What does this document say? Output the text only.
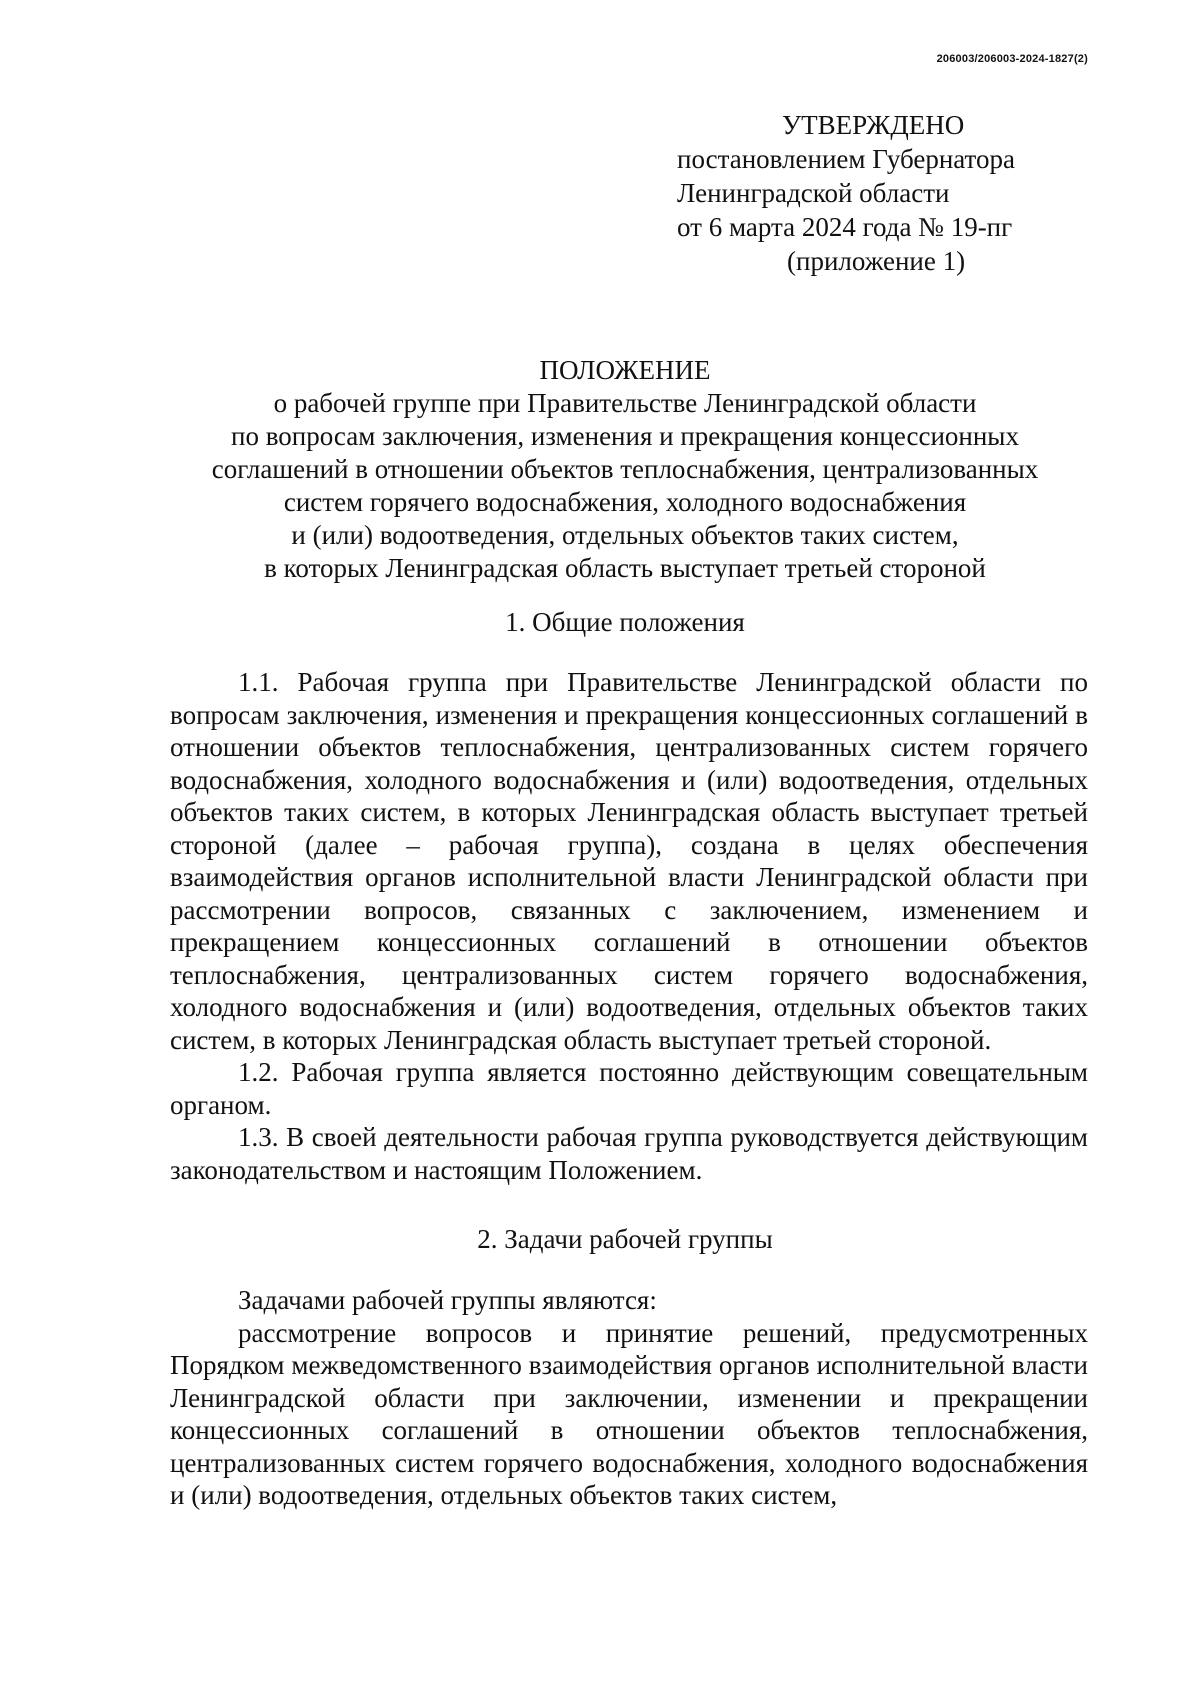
206003/206003-2024-1827(2)
УТВЕРЖДЕНО
постановлением Губернатора
Ленинградской области
от 6 марта 2024 года № 19-пг
(приложение 1)
ПОЛОЖЕНИЕ
о рабочей группе при Правительстве Ленинградской области
по вопросам заключения, изменения и прекращения концессионных
соглашений в отношении объектов теплоснабжения, централизованных
систем горячего водоснабжения, холодного водоснабжения
и (или) водоотведения, отдельных объектов таких систем,
в которых Ленинградская область выступает третьей стороной
1. Общие положения

1.1. Рабочая группа при Правительстве Ленинградской области по вопросам заключения, изменения и прекращения концессионных соглашений в отношении объектов теплоснабжения, централизованных систем горячего водоснабжения, холодного водоснабжения и (или) водоотведения, отдельных объектов таких систем, в которых Ленинградская область выступает третьей стороной (далее – рабочая группа), создана в целях обеспечения взаимодействия органов исполнительной власти Ленинградской области при рассмотрении вопросов, связанных с заключением, изменением и прекращением концессионных соглашений в отношении объектов теплоснабжения, централизованных систем горячего водоснабжения, холодного водоснабжения и (или) водоотведения, отдельных объектов таких систем, в которых Ленинградская область выступает третьей стороной.

1.2. Рабочая группа является постоянно действующим совещательным органом.

1.3. В своей деятельности рабочая группа руководствуется действующим законодательством и настоящим Положением.

2. Задачи рабочей группы

Задачами рабочей группы являются:

рассмотрение вопросов и принятие решений, предусмотренных Порядком межведомственного взаимодействия органов исполнительной власти Ленинградской области при заключении, изменении и прекращении концессионных соглашений в отношении объектов теплоснабжения, централизованных систем горячего водоснабжения, холодного водоснабжения и (или) водоотведения, отдельных объектов таких систем,
